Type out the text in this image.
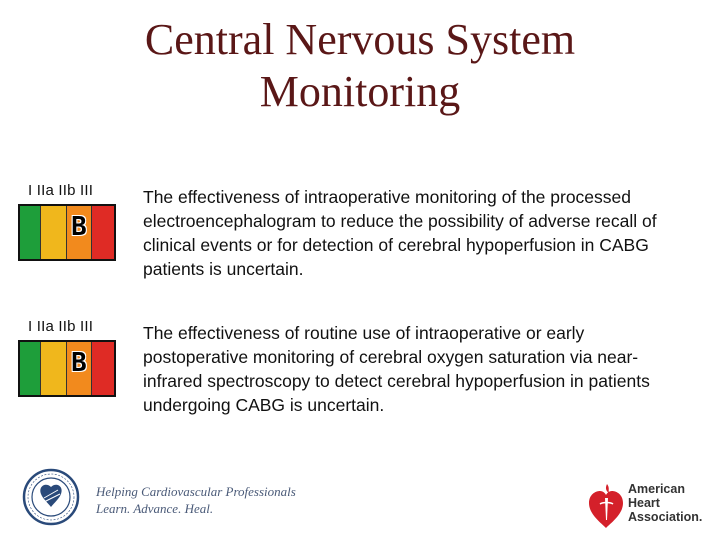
Central Nervous System
Monitoring
I IIa IIb III
B
The effectiveness of intraoperative monitoring of the processed electroencephalogram to reduce the possibility of adverse recall of clinical events or for detection of cerebral hypoperfusion in CABG patients is uncertain.
I IIa IIb III
B
The effectiveness of routine use of intraoperative or early postoperative monitoring of cerebral oxygen saturation via near-infrared spectroscopy to detect cerebral hypoperfusion in patients undergoing CABG is uncertain.
Helping Cardiovascular Professionals
Learn. Advance. Heal.
American
Heart
Association.
